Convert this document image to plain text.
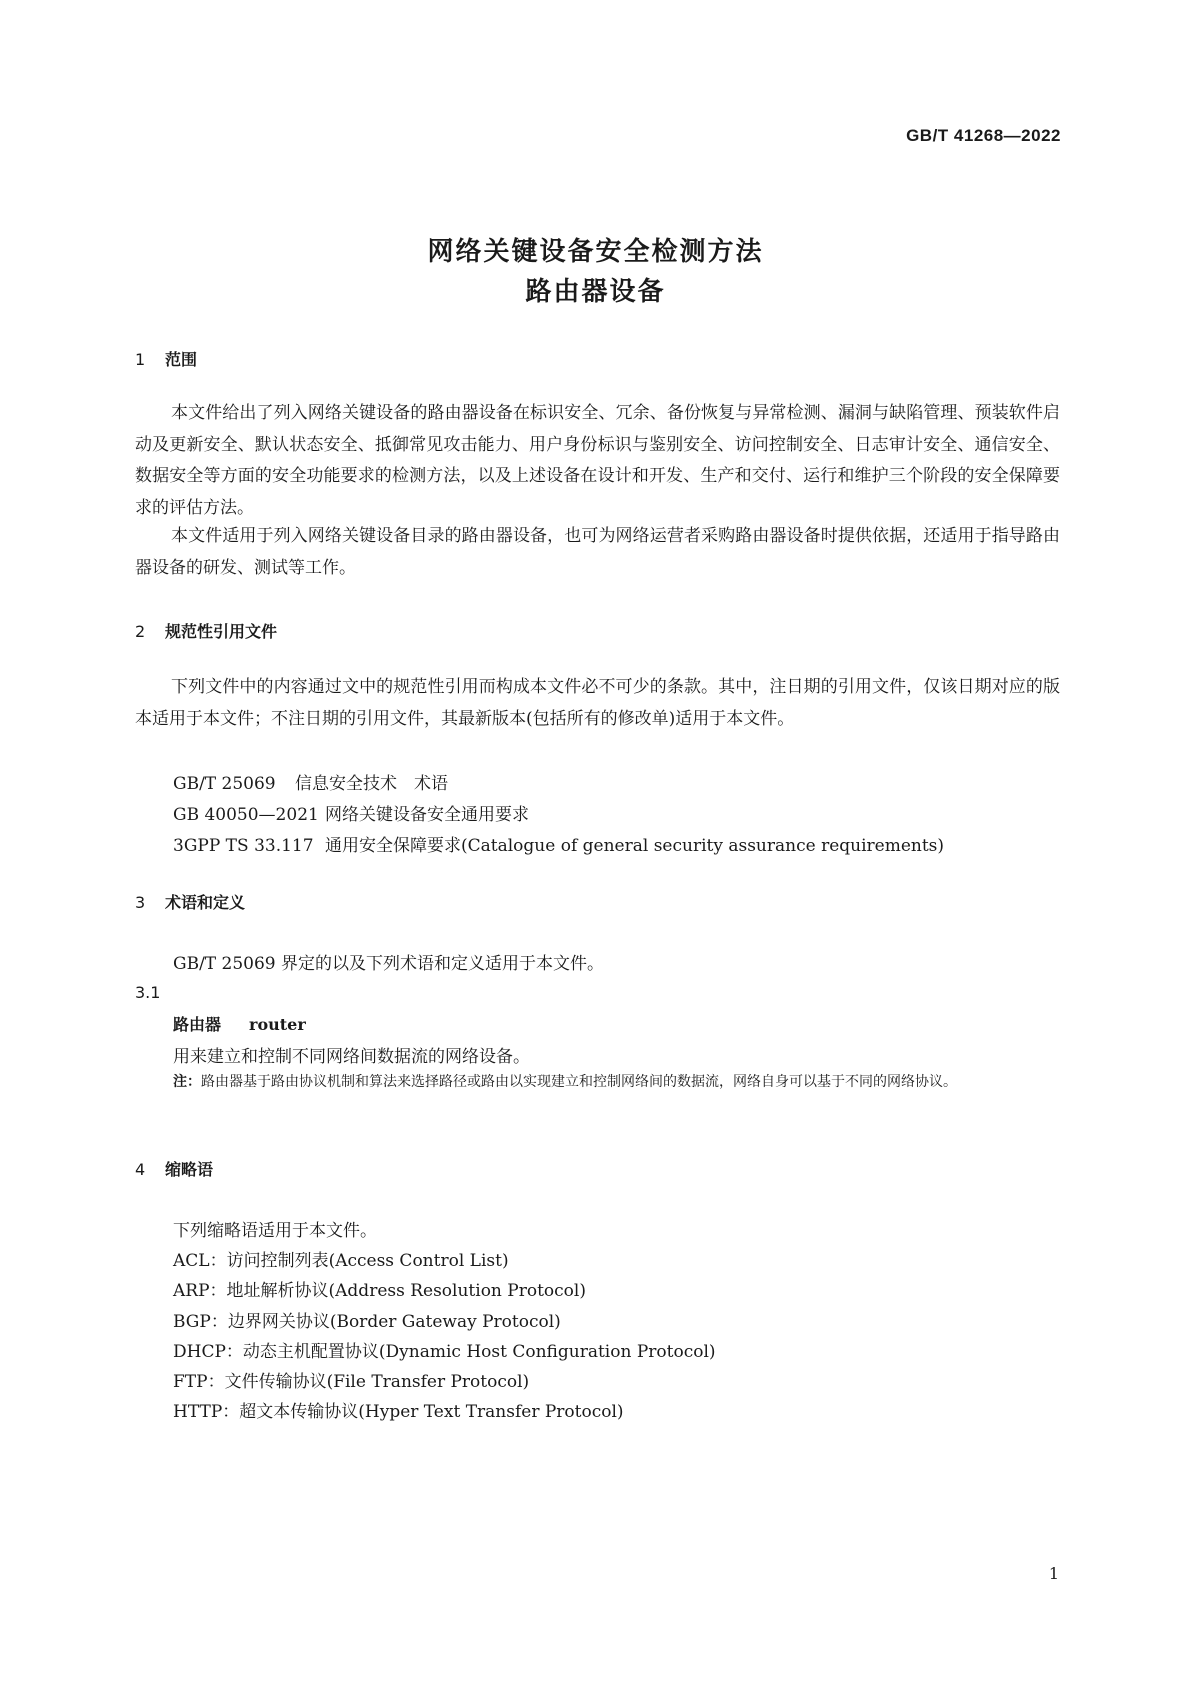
GB/T 41268—2022
网络关键设备安全检测方法
路由器设备
1 范围

本文件给出了列入网络关键设备的路由器设备在标识安全、冗余、备份恢复与异常检测、漏洞与缺陷管理、预装软件启动及更新安全、默认状态安全、抵御常见攻击能力、用户身份标识与鉴别安全、访问控制安全、日志审计安全、通信安全、数据安全等方面的安全功能要求的检测方法，以及上述设备在设计和开发、生产和交付、运行和维护三个阶段的安全保障要求的评估方法。

本文件适用于列入网络关键设备目录的路由器设备，也可为网络运营者采购路由器设备时提供依据，还适用于指导路由器设备的研发、测试等工作。

2 规范性引用文件

下列文件中的内容通过文中的规范性引用而构成本文件必不可少的条款。其中，注日期的引用文件，仅该日期对应的版本适用于本文件；不注日期的引用文件，其最新版本(包括所有的修改单)适用于本文件。

GB/T 25069 信息安全技术　术语
GB 40050—2021 网络关键设备安全通用要求
3GPP TS 33.117 通用安全保障要求(Catalogue of general security assurance requirements)
3 术语和定义
GB/T 25069 界定的以及下列术语和定义适用于本文件。
3.1
路由器 router
用来建立和控制不同网络间数据流的网络设备。

注：路由器基于路由协议机制和算法来选择路径或路由以实现建立和控制网络间的数据流，网络自身可以基于不同的网络协议。

4 缩略语
下列缩略语适用于本文件。
ACL：访问控制列表(Access Control List)
ARP：地址解析协议(Address Resolution Protocol)
BGP：边界网关协议(Border Gateway Protocol)
DHCP：动态主机配置协议(Dynamic Host Configuration Protocol)
FTP：文件传输协议(File Transfer Protocol)
HTTP：超文本传输协议(Hyper Text Transfer Protocol)
1
